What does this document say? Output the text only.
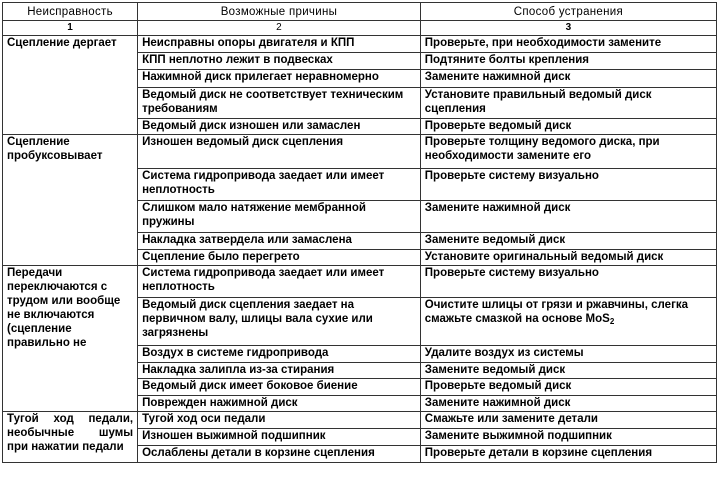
Неисправность	Возможные причины	Способ устранения
1	2	3
Сцепление дергает	Неисправны опоры двигателя и КПП	Проверьте, при необходимости замените
	КПП неплотно лежит в подвесках	Подтяните болты крепления
	Нажимной диск прилегает неравномерно	Замените нажимной диск
	Ведомый диск не соответствует техническим требованиям	Установите правильный ведомый диск сцепления
	Ведомый диск изношен или замаслен	Проверьте ведомый диск
Сцепление пробуксовывает	Изношен ведомый диск сцепления	Проверьте толщину ведомого диска, при необходимости замените его
	Система гидропривода заедает или имеет неплотность	Проверьте систему визуально
	Слишком мало натяжение мембранной пружины	Замените нажимной диск
	Накладка затвердела или замаслена	Замените ведомый диск
	Сцепление было перегрето	Установите оригинальный ведомый диск
Передачи переключаются с трудом или вообще не включаются (сцепление правильно не	Система гидропривода заедает или имеет неплотность	Проверьте систему визуально
	Ведомый диск сцепления заедает на первичном валу, шлицы вала сухие или загрязнены	Очистите шлицы от грязи и ржавчины, слегка смажьте смазкой на основе MoS2
	Воздух в системе гидропривода	Удалите воздух из системы
	Накладка залипла из-за стирания	Замените ведомый диск
	Ведомый диск имеет боковое биение	Проверьте ведомый диск
	Поврежден нажимной диск	Замените нажимной диск
Тугой ход педали, необычные шумы при нажатии педали	Тугой ход оси педали	Смажьте или замените детали
	Изношен выжимной подшипник	Замените выжимной подшипник
	Ослаблены детали в корзине сцепления	Проверьте детали в корзине сцепления
